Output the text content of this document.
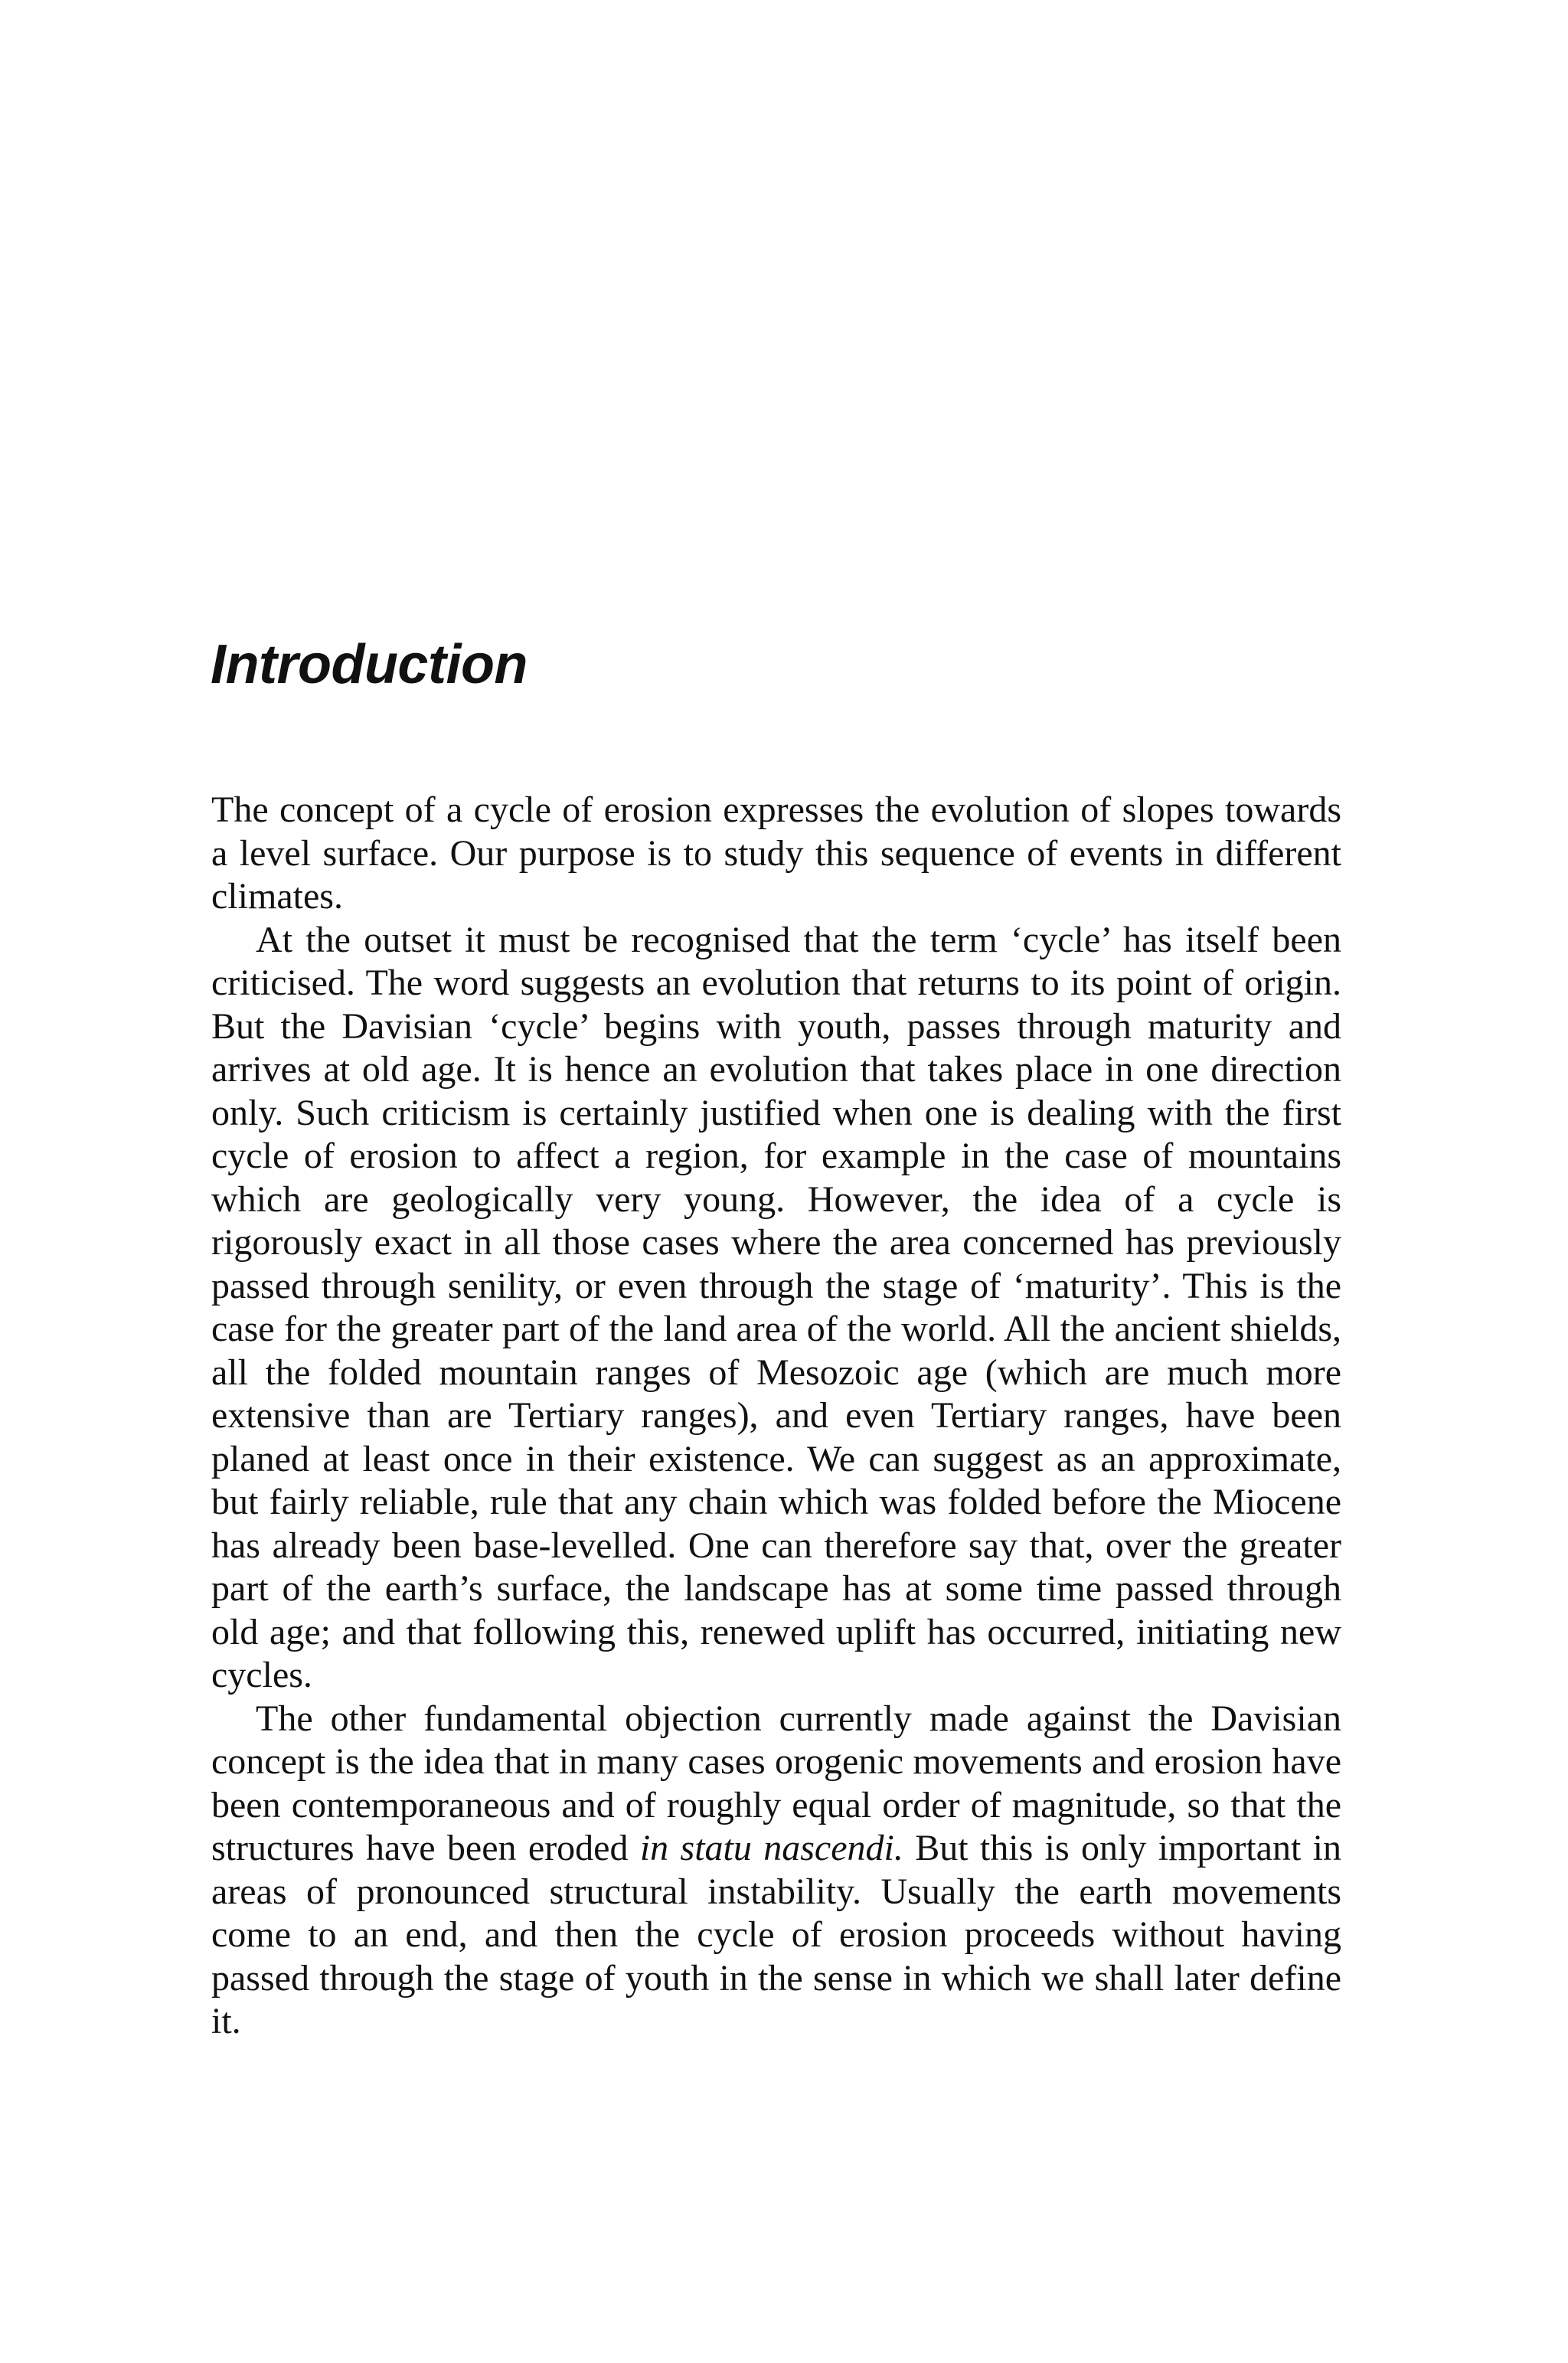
Introduction

The concept of a cycle of erosion expresses the evolution of slopes towards a level surface. Our purpose is to study this sequence of events in different climates.

At the outset it must be recognised that the term ‘cycle’ has itself been criticised. The word suggests an evolution that returns to its point of origin. But the Davisian ‘cycle’ begins with youth, passes through maturity and arrives at old age. It is hence an evolution that takes place in one direction only. Such criticism is certainly justified when one is dealing with the first cycle of erosion to affect a region, for example in the case of mountains which are geologically very young. However, the idea of a cycle is rigorously exact in all those cases where the area concerned has previously passed through senility, or even through the stage of ‘maturity’. This is the case for the greater part of the land area of the world. All the ancient shields, all the folded mountain ranges of Mesozoic age (which are much more extensive than are Tertiary ranges), and even Tertiary ranges, have been planed at least once in their existence. We can suggest as an approximate, but fairly reliable, rule that any chain which was folded before the Miocene has already been base-levelled. One can therefore say that, over the greater part of the earth’s surface, the landscape has at some time passed through old age; and that following this, renewed uplift has occurred, initiating new cycles.

The other fundamental objection currently made against the Davisian concept is the idea that in many cases orogenic movements and erosion have been contemporaneous and of roughly equal order of magnitude, so that the structures have been eroded in statu nascendi. But this is only important in areas of pronounced structural instability. Usually the earth movements come to an end, and then the cycle of erosion proceeds without having passed through the stage of youth in the sense in which we shall later define it.
